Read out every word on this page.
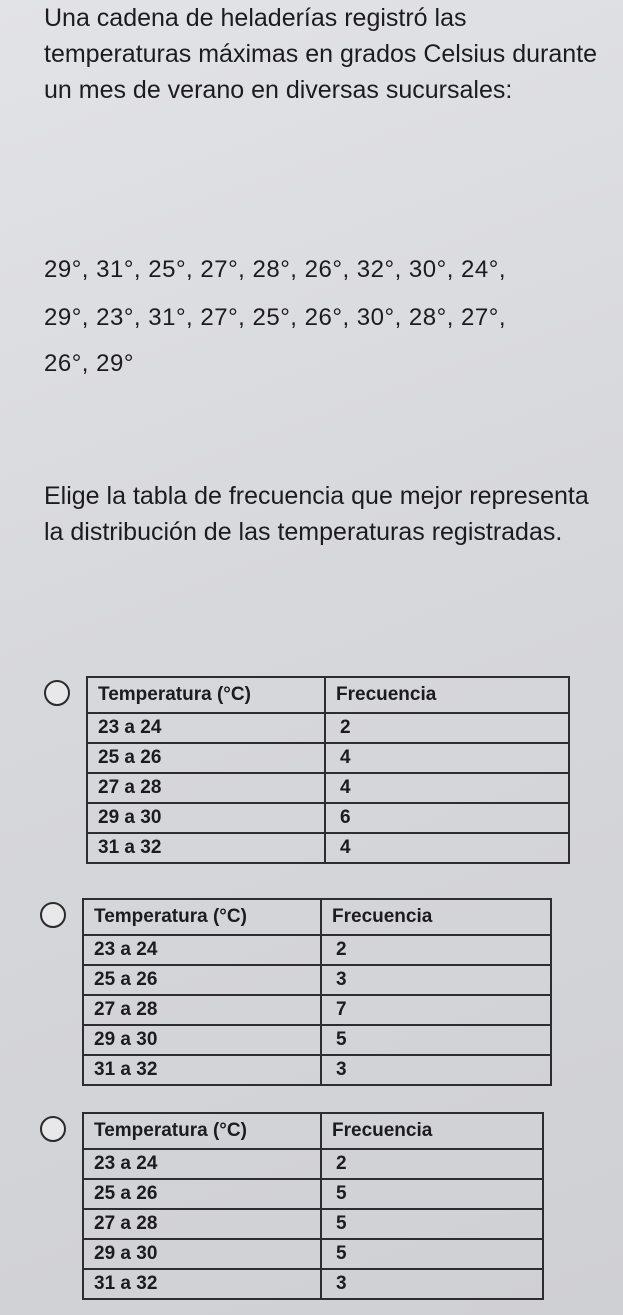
Una cadena de heladerías registró las temperaturas máximas en grados Celsius durante un mes de verano en diversas sucursales:

29°, 31°, 25°, 27°, 28°, 26°, 32°, 30°, 24°,
29°, 23°, 31°, 27°, 25°, 26°, 30°, 28°, 27°,
26°, 29°

Elige la tabla de frecuencia que mejor representa la distribución de las temperaturas registradas.

Temperatura (°C)	Frecuencia
23 a 24	2
25 a 26	4
27 a 28	4
29 a 30	6
31 a 32	4
Temperatura (°C)	Frecuencia
23 a 24	2
25 a 26	3
27 a 28	7
29 a 30	5
31 a 32	3
Temperatura (°C)	Frecuencia
23 a 24	2
25 a 26	5
27 a 28	5
29 a 30	5
31 a 32	3
